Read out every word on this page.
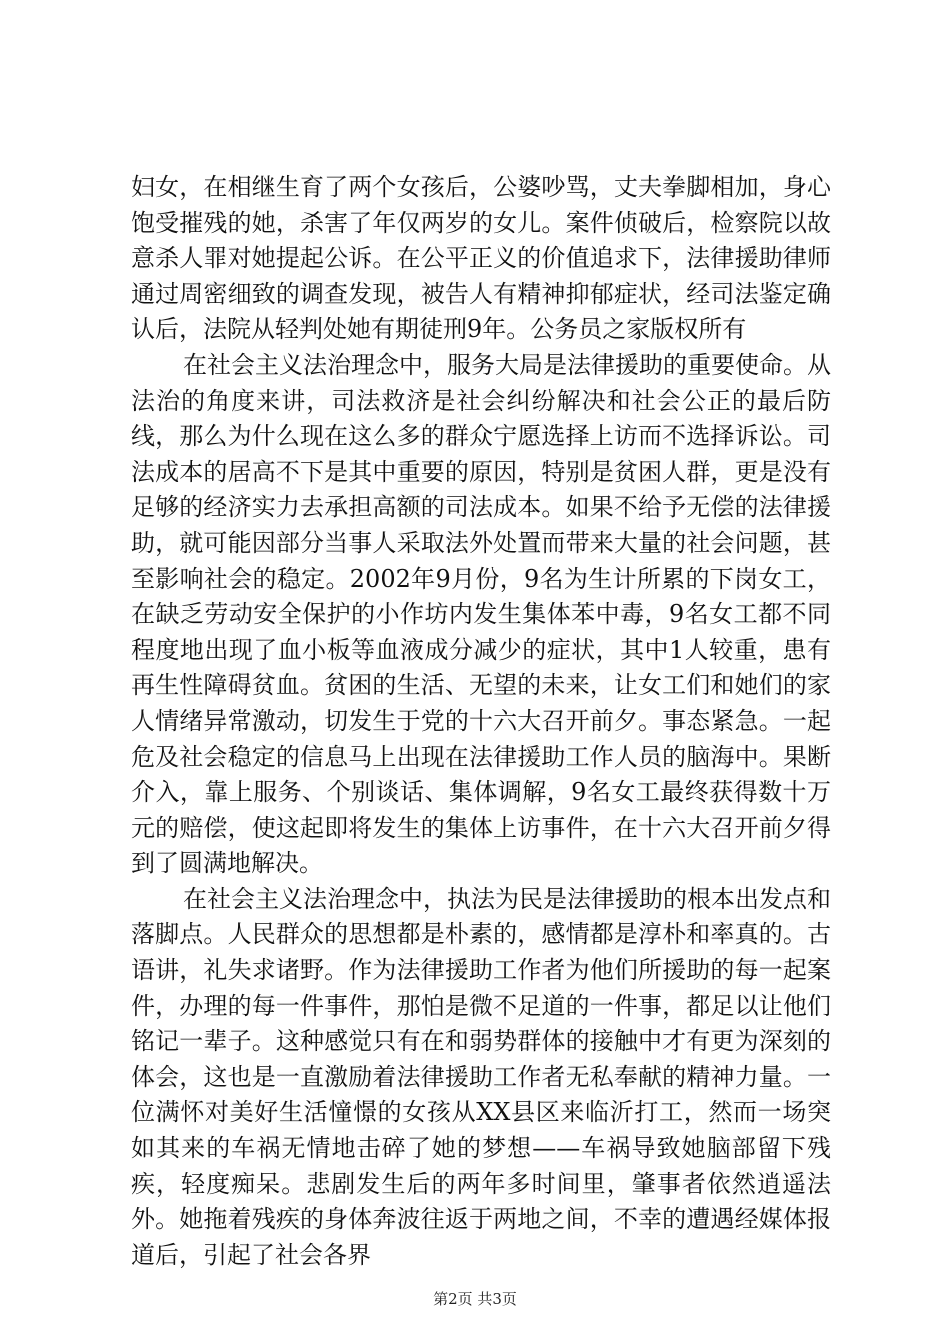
妇女，在相继生育了两个女孩后，公婆吵骂，丈夫拳脚相加，身心饱受摧残的她，杀害了年仅两岁的女儿。案件侦破后，检察院以故意杀人罪对她提起公诉。在公平正义的价值追求下，法律援助律师通过周密细致的调查发现，被告人有精神抑郁症状，经司法鉴定确认后，法院从轻判处她有期徒刑9年。公务员之家版权所有

在社会主义法治理念中，服务大局是法律援助的重要使命。从法治的角度来讲，司法救济是社会纠纷解决和社会公正的最后防线，那么为什么现在这么多的群众宁愿选择上访而不选择诉讼。司法成本的居高不下是其中重要的原因，特别是贫困人群，更是没有足够的经济实力去承担高额的司法成本。如果不给予无偿的法律援助，就可能因部分当事人采取法外处置而带来大量的社会问题，甚至影响社会的稳定。2002年9月份，9名为生计所累的下岗女工，在缺乏劳动安全保护的小作坊内发生集体苯中毒，9名女工都不同程度地出现了血小板等血液成分减少的症状，其中1人较重，患有再生性障碍贫血。贫困的生活、无望的未来，让女工们和她们的家人情绪异常激动，切发生于党的十六大召开前夕。事态紧急。一起危及社会稳定的信息马上出现在法律援助工作人员的脑海中。果断介入，靠上服务、个别谈话、集体调解，9名女工最终获得数十万元的赔偿，使这起即将发生的集体上访事件，在十六大召开前夕得到了圆满地解决。

在社会主义法治理念中，执法为民是法律援助的根本出发点和落脚点。人民群众的思想都是朴素的，感情都是淳朴和率真的。古语讲，礼失求诸野。作为法律援助工作者为他们所援助的每一起案件，办理的每一件事件，那怕是微不足道的一件事，都足以让他们铭记一辈子。这种感觉只有在和弱势群体的接触中才有更为深刻的体会，这也是一直激励着法律援助工作者无私奉献的精神力量。一位满怀对美好生活憧憬的女孩从XX县区来临沂打工，然而一场突如其来的车祸无情地击碎了她的梦想——车祸导致她脑部留下残疾，轻度痴呆。悲剧发生后的两年多时间里，肇事者依然逍遥法外。她拖着残疾的身体奔波往返于两地之间，不幸的遭遇经媒体报道后，引起了社会各界

第2页 共3页
